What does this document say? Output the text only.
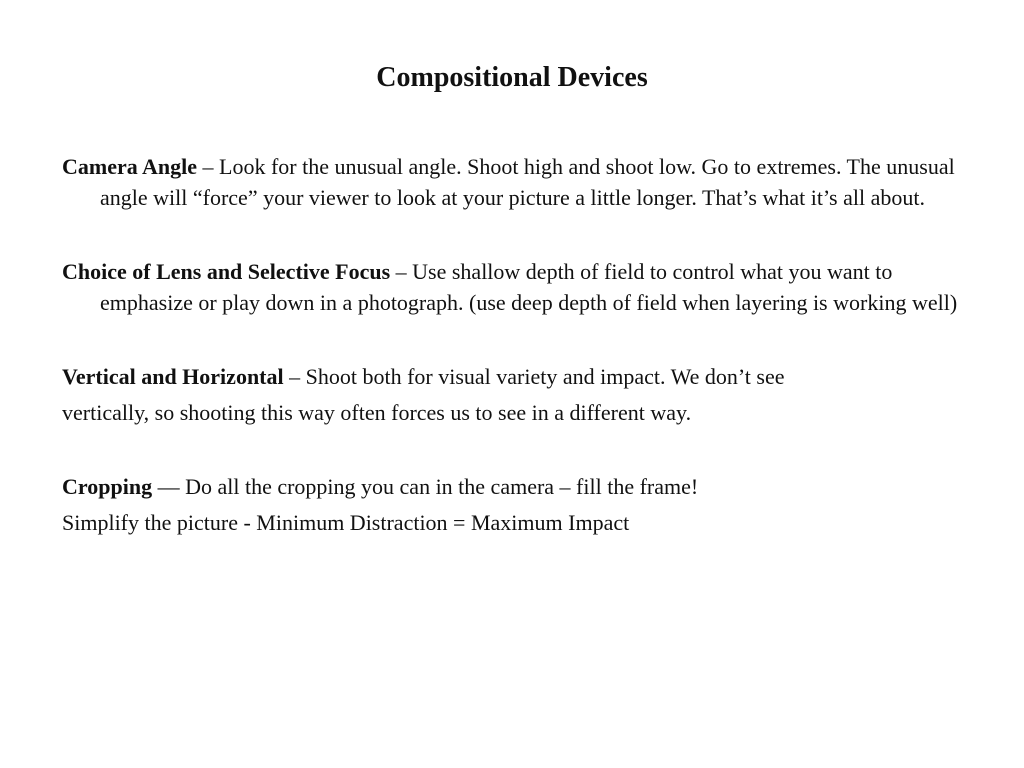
Compositional Devices

Camera Angle – Look for the unusual angle. Shoot high and shoot low. Go to extremes. The unusual angle will “force” your viewer to look at your picture a little longer. That’s what it’s all about.

Choice of Lens and Selective Focus – Use shallow depth of field to control what you want to emphasize or play down in a photograph. (use deep depth of field when layering is working well)

Vertical and Horizontal – Shoot both for visual variety and impact. We don’t see

vertically, so shooting this way often forces us to see in a different way.

Cropping — Do all the cropping you can in the camera – fill the frame!

Simplify the picture - Minimum Distraction = Maximum Impact
